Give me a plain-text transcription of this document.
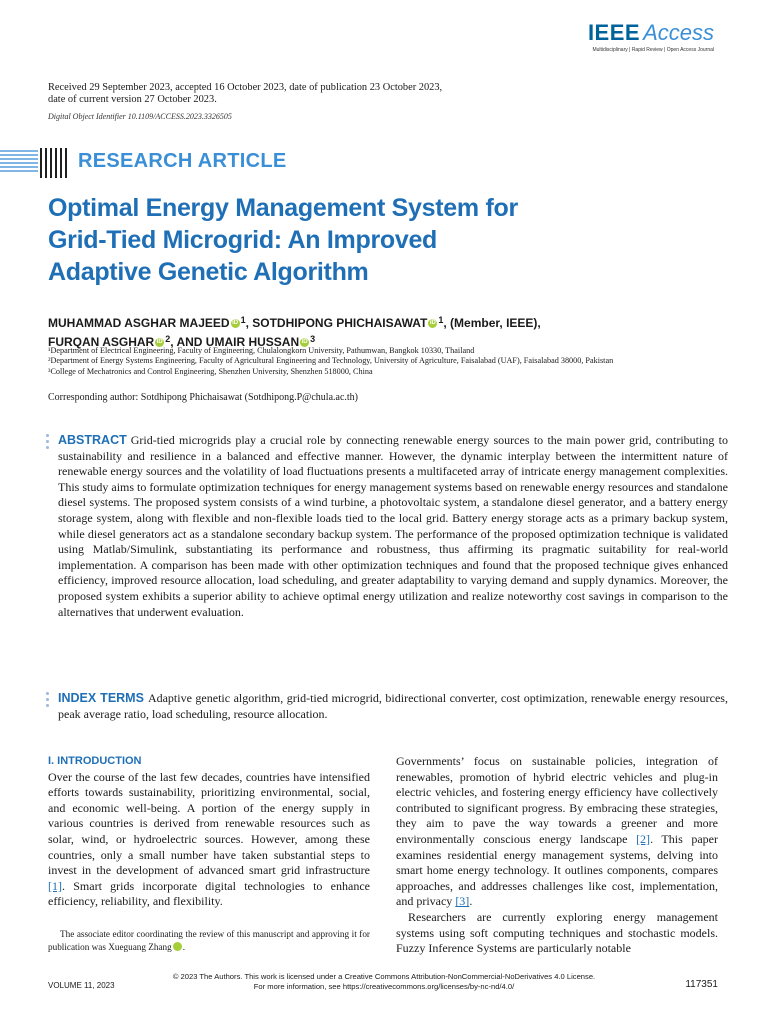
IEEE Access
Multidisciplinary | Rapid Review | Open Access Journal
Received 29 September 2023, accepted 16 October 2023, date of publication 23 October 2023,
date of current version 27 October 2023.
Digital Object Identifier 10.1109/ACCESS.2023.3326505
RESEARCH ARTICLE
Optimal Energy Management System for
Grid-Tied Microgrid: An Improved
Adaptive Genetic Algorithm
MUHAMMAD ASGHAR MAJEED iD $^1$, SOTDHIPONG PHICHAISAWAT iD $^1$, (Member, IEEE),
FURQAN ASGHAR iD $^2$, AND UMAIR HUSSAN iD $^3$
¹Department of Electrical Engineering, Faculty of Engineering, Chulalongkorn University, Pathumwan, Bangkok 10330, Thailand
²Department of Energy Systems Engineering, Faculty of Agricultural Engineering and Technology, University of Agriculture, Faisalabad (UAF), Faisalabad 38000, Pakistan
³College of Mechatronics and Control Engineering, Shenzhen University, Shenzhen 518000, China
Corresponding author: Sotdhipong Phichaisawat (Sotdhipong.P@chula.ac.th)
ABSTRACT Grid-tied microgrids play a crucial role by connecting renewable energy sources to the main power grid, contributing to sustainability and resilience in a balanced and effective manner. However, the dynamic interplay between the intermittent nature of renewable energy sources and the volatility of load fluctuations presents a multifaceted array of intricate energy management complexities. This study aims to formulate optimization techniques for energy management systems based on renewable energy resources and standalone diesel systems. The proposed system consists of a wind turbine, a photovoltaic system, a standalone diesel generator, and a battery energy storage system, along with flexible and non-flexible loads tied to the local grid. Battery energy storage acts as a primary backup system, while diesel generators act as a standalone secondary backup system. The performance of the proposed optimization technique is validated using Matlab/Simulink, substantiating its performance and robustness, thus affirming its pragmatic suitability for real-world implementation. A comparison has been made with other optimization techniques and found that the proposed technique gives enhanced efficiency, improved resource allocation, load scheduling, and greater adaptability to varying demand and supply dynamics. Moreover, the proposed system exhibits a superior ability to achieve optimal energy utilization and realize noteworthy cost savings in comparison to the alternatives that underwent evaluation.
INDEX TERMS Adaptive genetic algorithm, grid-tied microgrid, bidirectional converter, cost optimization, renewable energy resources, peak average ratio, load scheduling, resource allocation.
I. INTRODUCTION

Over the course of the last few decades, countries have intensified efforts towards sustainability, prioritizing environmental, social, and economic well-being. A portion of the energy supply in various countries is derived from renewable resources such as solar, wind, or hydroelectric sources. However, among these countries, only a small number have taken substantial steps to invest in the development of advanced smart grid infrastructure [1]. Smart grids incorporate digital technologies to enhance efficiency, reliability, and flexibility.

The associate editor coordinating the review of this manuscript and approving it for publication was Xueguang Zhang iD.

Governments’ focus on sustainable policies, integration of renewables, promotion of hybrid electric vehicles and plug-in electric vehicles, and fostering energy efficiency have collectively contributed to significant progress. By embracing these strategies, they aim to pave the way towards a greener and more environmentally conscious energy landscape [2]. This paper examines residential energy management systems, delving into smart home energy technology. It outlines components, compares approaches, and addresses challenges like cost, implementation, and privacy [3].

Researchers are currently exploring energy management systems using soft computing techniques and stochastic models. Fuzzy Inference Systems are particularly notable

© 2023 The Authors. This work is licensed under a Creative Commons Attribution-NonCommercial-NoDerivatives 4.0 License.
For more information, see https://creativecommons.org/licenses/by-nc-nd/4.0/
VOLUME 11, 2023	117351
